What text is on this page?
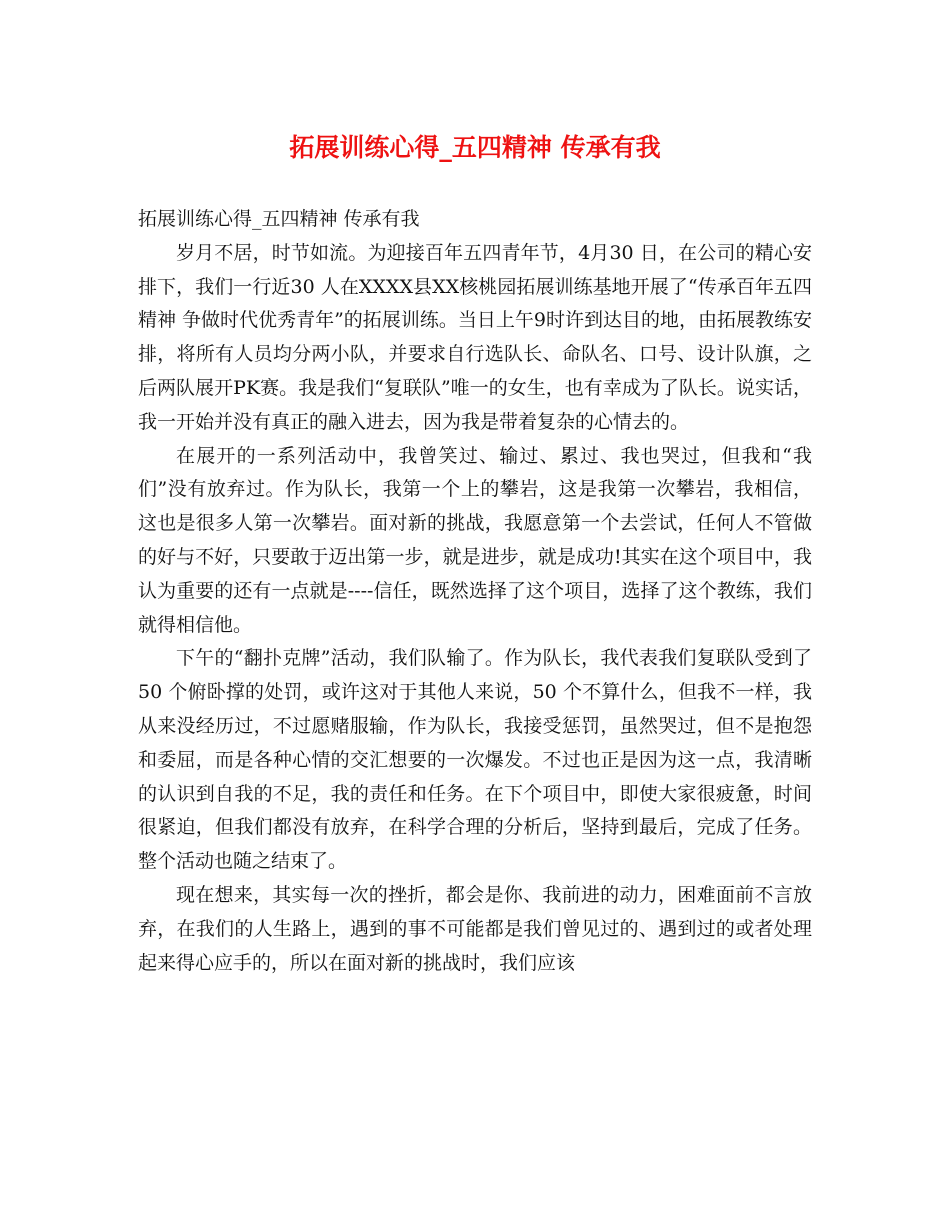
拓展训练心得_五四精神 传承有我

拓展训练心得_五四精神 传承有我

岁月不居，时节如流。为迎接百年五四青年节，4月30 日，在公司的精心安排下，我们一行近30 人在XXXX县XX核桃园拓展训练基地开展了“传承百年五四精神 争做时代优秀青年”的拓展训练。当日上午9时许到达目的地，由拓展教练安排，将所有人员均分两小队，并要求自行选队长、命队名、口号、设计队旗，之后两队展开PK赛。我是我们“复联队”唯一的女生，也有幸成为了队长。说实话，我一开始并没有真正的融入进去，因为我是带着复杂的心情去的。

在展开的一系列活动中，我曾笑过、输过、累过、我也哭过，但我和“我们”没有放弃过。作为队长，我第一个上的攀岩，这是我第一次攀岩，我相信，这也是很多人第一次攀岩。面对新的挑战，我愿意第一个去尝试，任何人不管做的好与不好，只要敢于迈出第一步，就是进步，就是成功!其实在这个项目中，我认为重要的还有一点就是----信任，既然选择了这个项目，选择了这个教练，我们就得相信他。

下午的“翻扑克牌”活动，我们队输了。作为队长，我代表我们复联队受到了50 个俯卧撑的处罚，或许这对于其他人来说，50 个不算什么，但我不一样，我从来没经历过，不过愿赌服输，作为队长，我接受惩罚，虽然哭过，但不是抱怨和委屈，而是各种心情的交汇想要的一次爆发。不过也正是因为这一点，我清晰的认识到自我的不足，我的责任和任务。在下个项目中，即使大家很疲惫，时间很紧迫，但我们都没有放弃，在科学合理的分析后，坚持到最后，完成了任务。整个活动也随之结束了。

现在想来，其实每一次的挫折，都会是你、我前进的动力，困难面前不言放弃，在我们的人生路上，遇到的事不可能都是我们曾见过的、遇到过的或者处理起来得心应手的，所以在面对新的挑战时，我们应该
